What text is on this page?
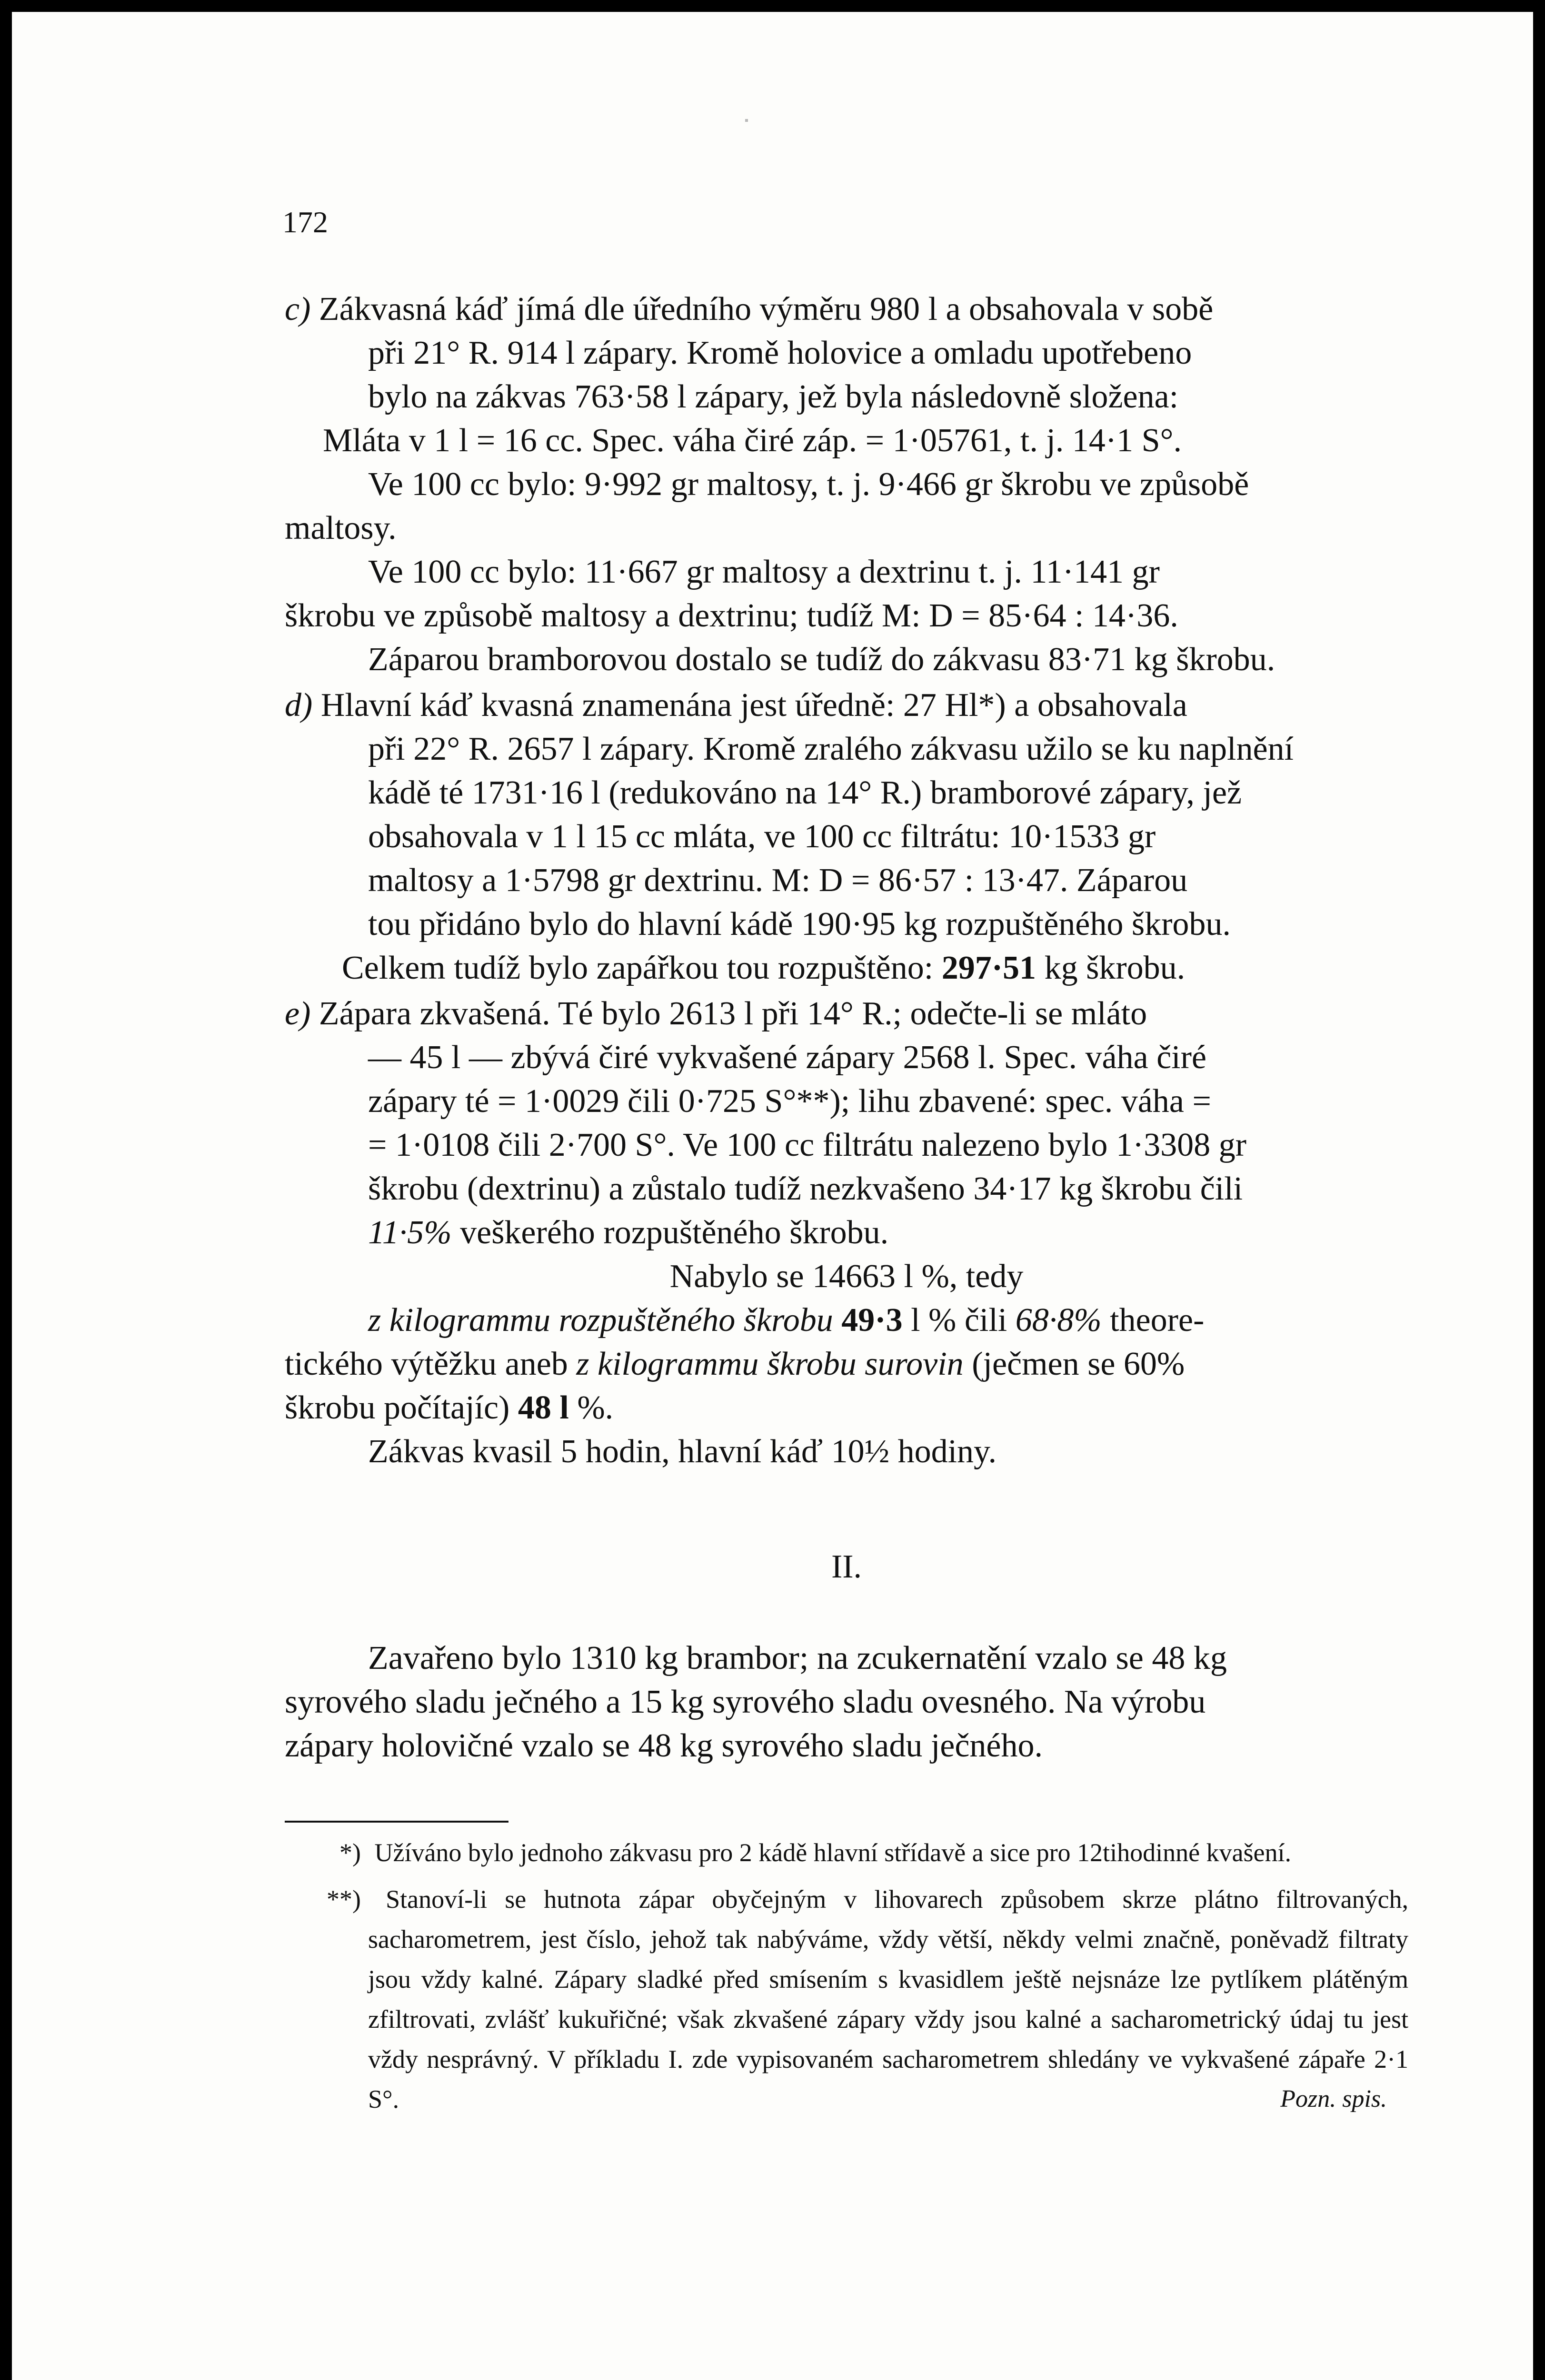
172
c) Zákvasná káď jímá dle úředního výměru 980 l a obsahovala v sobě
při 21° R. 914 l zápary. Kromě holovice a omladu upotřebeno
bylo na zákvas 763·58 l zápary, jež byla následovně složena:
Mláta v 1 l = 16 cc. Spec. váha čiré záp. = 1·05761, t. j. 14·1 S°.
Ve 100 cc bylo: 9·992 gr maltosy, t. j. 9·466 gr škrobu ve způsobě
maltosy.
Ve 100 cc bylo: 11·667 gr maltosy a dextrinu t. j. 11·141 gr
škrobu ve způsobě maltosy a dextrinu; tudíž M: D = 85·64 : 14·36.
Záparou bramborovou dostalo se tudíž do zákvasu 83·71 kg škrobu.
d) Hlavní káď kvasná znamenána jest úředně: 27 Hl*) a obsahovala
při 22° R. 2657 l zápary. Kromě zralého zákvasu užilo se ku naplnění
kádě té 1731·16 l (redukováno na 14° R.) bramborové zápary, jež
obsahovala v 1 l 15 cc mláta, ve 100 cc filtrátu: 10·1533 gr
maltosy a 1·5798 gr dextrinu. M: D = 86·57 : 13·47. Záparou
tou přidáno bylo do hlavní kádě 190·95 kg rozpuštěného škrobu.
Celkem tudíž bylo zapářkou tou rozpuštěno: 297·51 kg škrobu.
e) Zápara zkvašená. Té bylo 2613 l při 14° R.; odečte-li se mláto
— 45 l — zbývá čiré vykvašené zápary 2568 l. Spec. váha čiré
zápary té = 1·0029 čili 0·725 S°**); lihu zbavené: spec. váha =
= 1·0108 čili 2·700 S°. Ve 100 cc filtrátu nalezeno bylo 1·3308 gr
škrobu (dextrinu) a zůstalo tudíž nezkvašeno 34·17 kg škrobu čili
11·5% veškerého rozpuštěného škrobu.
Nabylo se 14663 l %, tedy
z kilogrammu rozpuštěného škrobu 49·3 l % čili 68·8% theore-
tického výtěžku aneb z kilogrammu škrobu surovin (ječmen se 60%
škrobu počítajíc) 48 l %.
Zákvas kvasil 5 hodin, hlavní káď 10½ hodiny.
II.
Zavařeno bylo 1310 kg brambor; na zcukernatění vzalo se 48 kg
syrového sladu ječného a 15 kg syrového sladu ovesného. Na výrobu
zápary holovičné vzalo se 48 kg syrového sladu ječného.
*) Užíváno bylo jednoho zákvasu pro 2 kádě hlavní střídavě a sice pro 12tihodinné kvašení.
**) Stanoví-li se hutnota zápar obyčejným v lihovarech způsobem skrze plátno filtrovaných, sacharometrem, jest číslo, jehož tak nabýváme, vždy větší, někdy velmi značně, poněvadž filtraty jsou vždy kalné. Zápary sladké před smísením s kvasidlem ještě nejsnáze lze pytlíkem plátěným zfiltrovati, zvlášť kukuřičné; však zkvašené zápary vždy jsou kalné a sacharometrický údaj tu jest vždy nesprávný. V příkladu I. zde vypisovaném sacharometrem shledány ve vykvašené zápaře 2·1 S°.	Pozn. spis.
